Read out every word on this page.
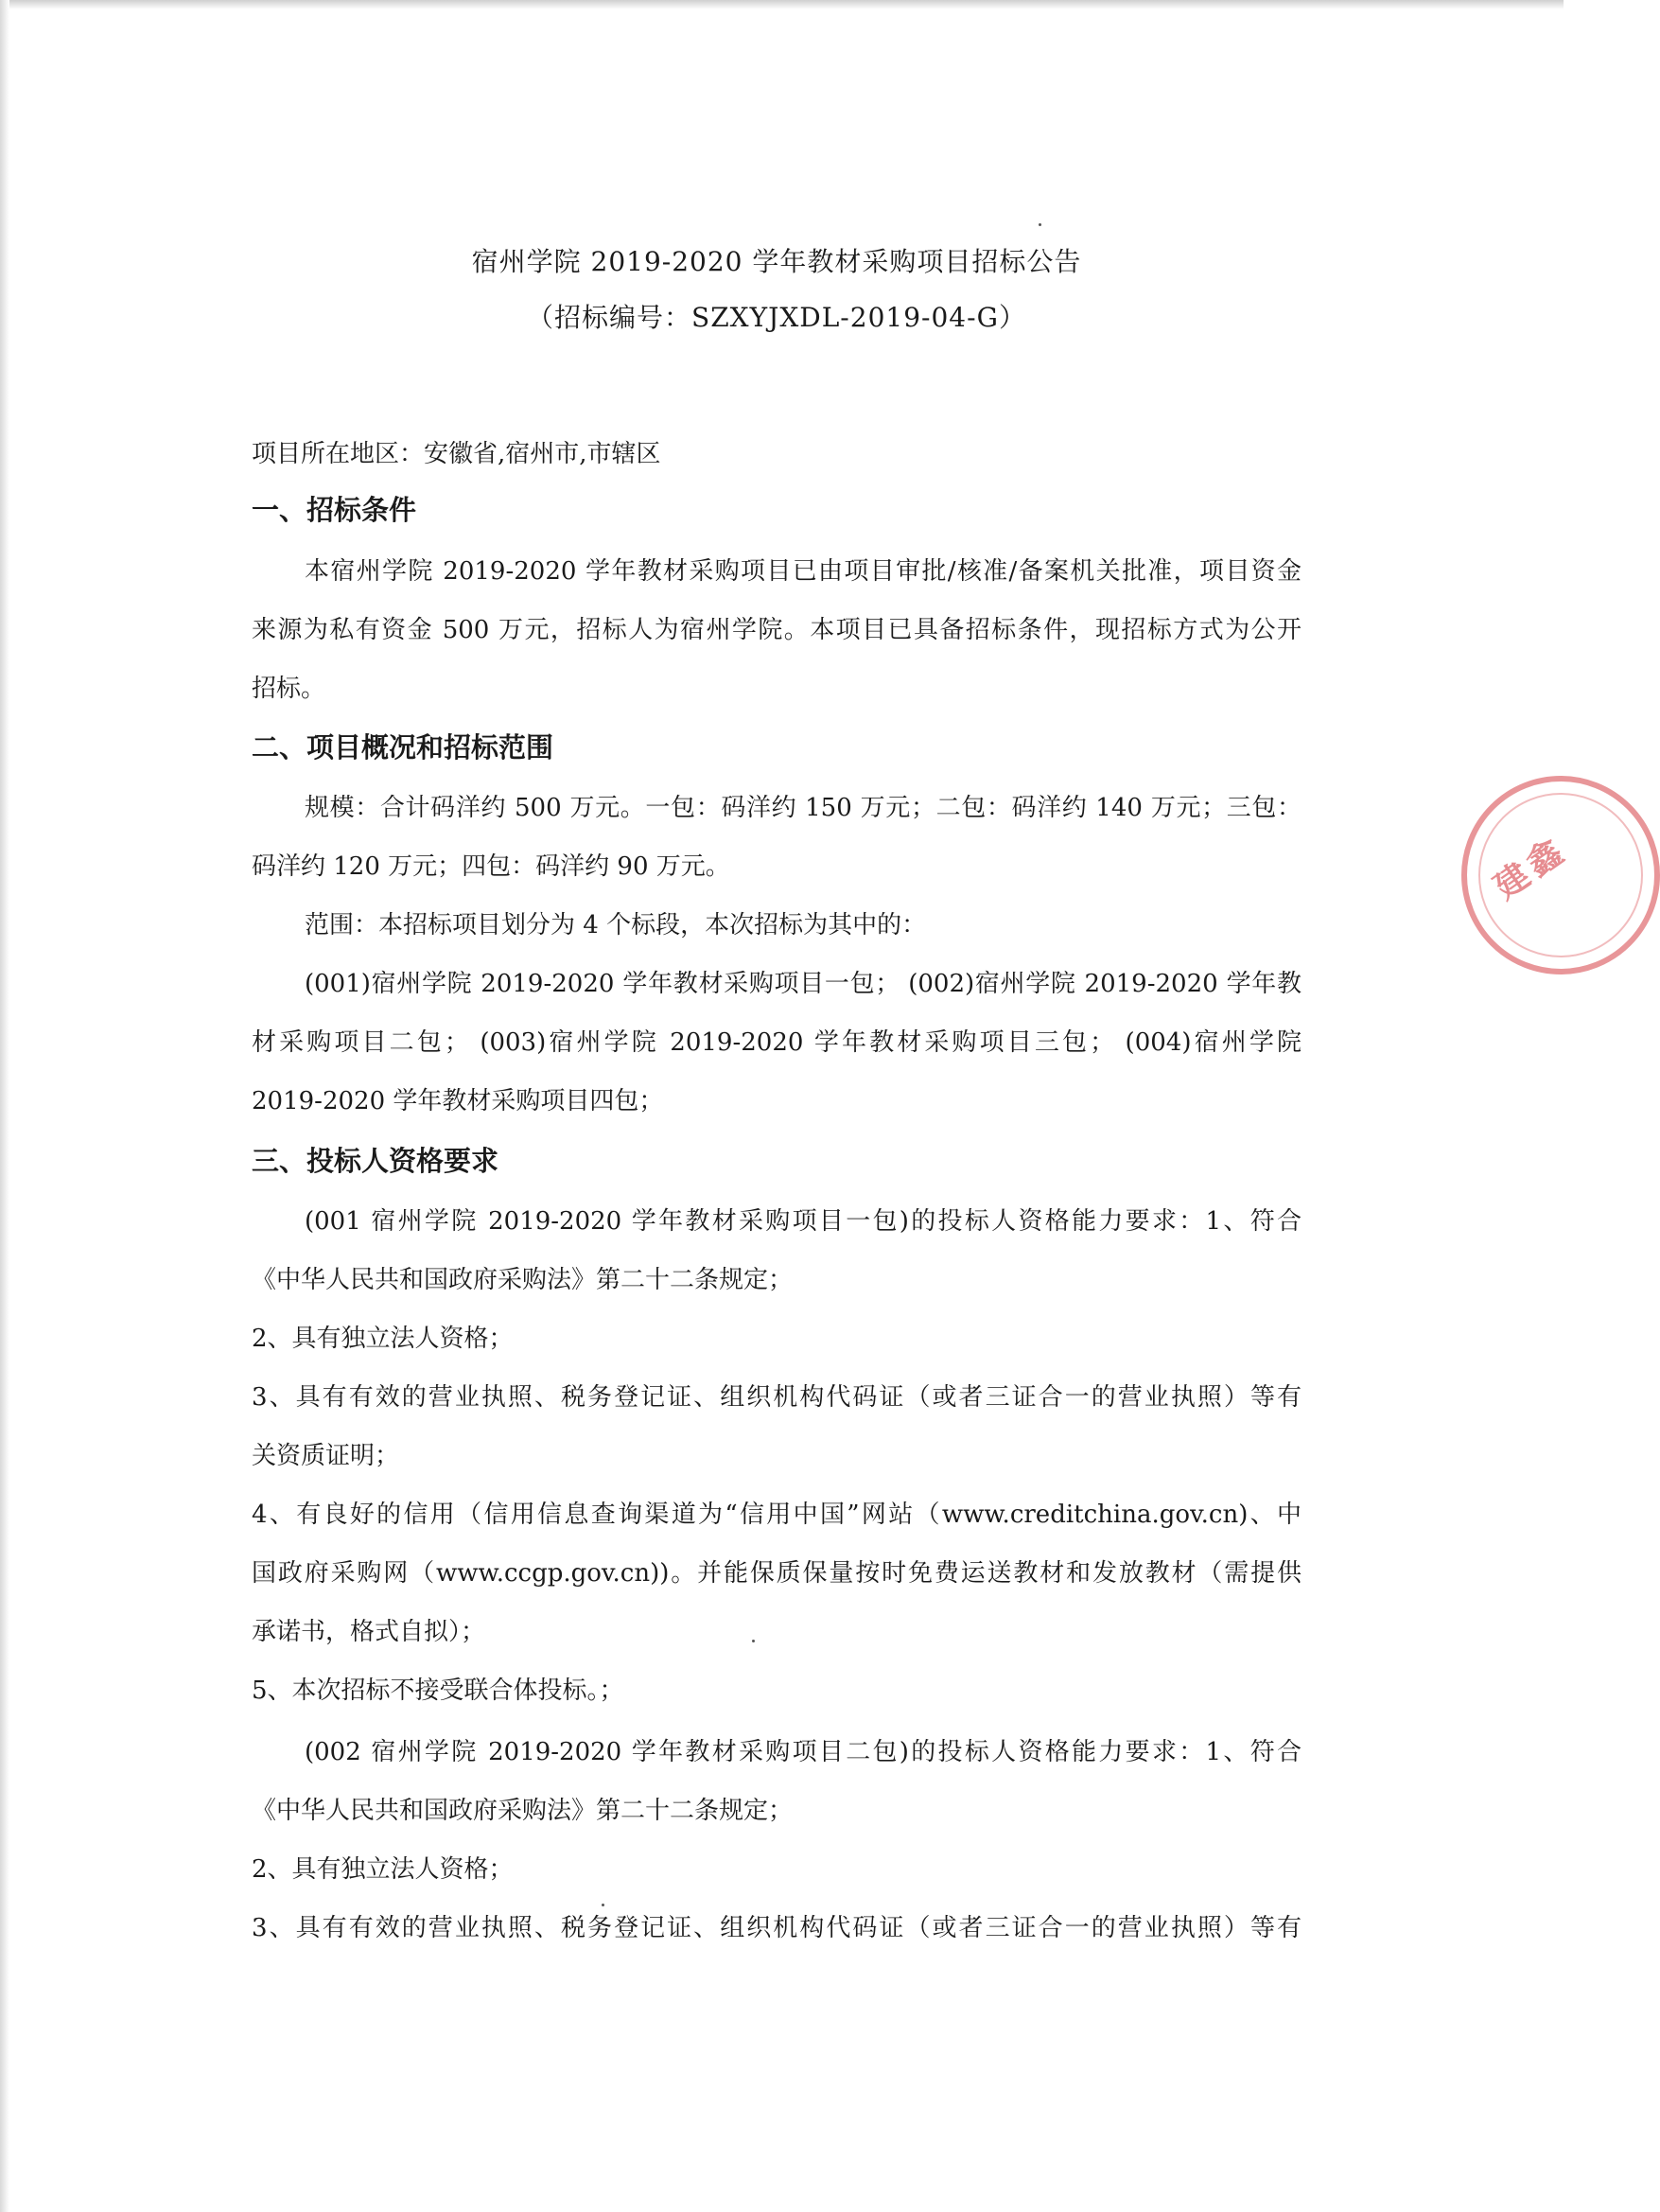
宿州学院 2019-2020 学年教材采购项目招标公告
（招标编号：SZXYJXDL-2019-04-G）
项目所在地区：安徽省,宿州市,市辖区
一、招标条件
本宿州学院 2019-2020 学年教材采购项目已由项目审批/核准/备案机关批准，项目资金
来源为私有资金 500 万元，招标人为宿州学院。本项目已具备招标条件，现招标方式为公开
招标。
二、项目概况和招标范围
规模：合计码洋约 500 万元。一包：码洋约 150 万元；二包：码洋约 140 万元；三包：
码洋约 120 万元；四包：码洋约 90 万元。
范围：本招标项目划分为 4 个标段，本次招标为其中的：
(001)宿州学院 2019-2020 学年教材采购项目一包； (002)宿州学院 2019-2020 学年教
材采购项目二包； (003)宿州学院 2019-2020 学年教材采购项目三包； (004)宿州学院
2019-2020 学年教材采购项目四包；
三、投标人资格要求
(001 宿州学院 2019-2020 学年教材采购项目一包)的投标人资格能力要求：1、符合
《中华人民共和国政府采购法》第二十二条规定；
2、具有独立法人资格；
3、具有有效的营业执照、税务登记证、组织机构代码证（或者三证合一的营业执照）等有
关资质证明；
4、有良好的信用（信用信息查询渠道为“信用中国”网站（www.creditchina.gov.cn)、中
国政府采购网（www.ccgp.gov.cn))。并能保质保量按时免费运送教材和发放教材（需提供
承诺书，格式自拟）；
5、本次招标不接受联合体投标。；
(002 宿州学院 2019-2020 学年教材采购项目二包)的投标人资格能力要求：1、符合
《中华人民共和国政府采购法》第二十二条规定；
2、具有独立法人资格；
3、具有有效的营业执照、税务登记证、组织机构代码证（或者三证合一的营业执照）等有
建鑫
